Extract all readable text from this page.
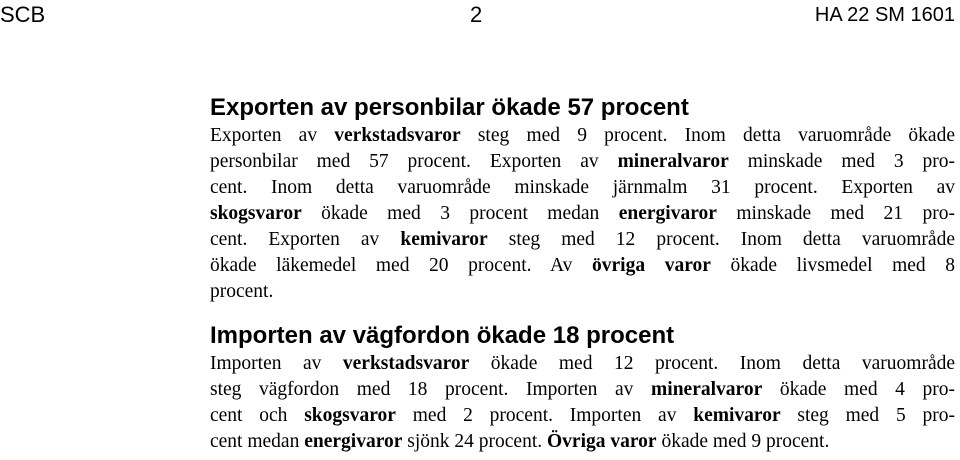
SCB	2	HA 22 SM 1601
Exporten av personbilar ökade 57 procent
Exporten av verkstadsvaror steg med 9 procent. Inom detta varuområde ökade
personbilar med 57 procent. Exporten av mineralvaror minskade med 3 pro-
cent. Inom detta varuområde minskade järnmalm 31 procent. Exporten av
skogsvaror ökade med 3 procent medan energivaror minskade med 21 pro-
cent. Exporten av kemivaror steg med 12 procent. Inom detta varuområde
ökade läkemedel med 20 procent. Av övriga varor ökade livsmedel med 8
procent.
Importen av vägfordon ökade 18 procent
Importen av verkstadsvaror ökade med 12 procent. Inom detta varuområde
steg vägfordon med 18 procent. Importen av mineralvaror ökade med 4 pro-
cent och skogsvaror med 2 procent. Importen av kemivaror steg med 5 pro-
cent medan energivaror sjönk 24 procent. Övriga varor ökade med 9 procent.
